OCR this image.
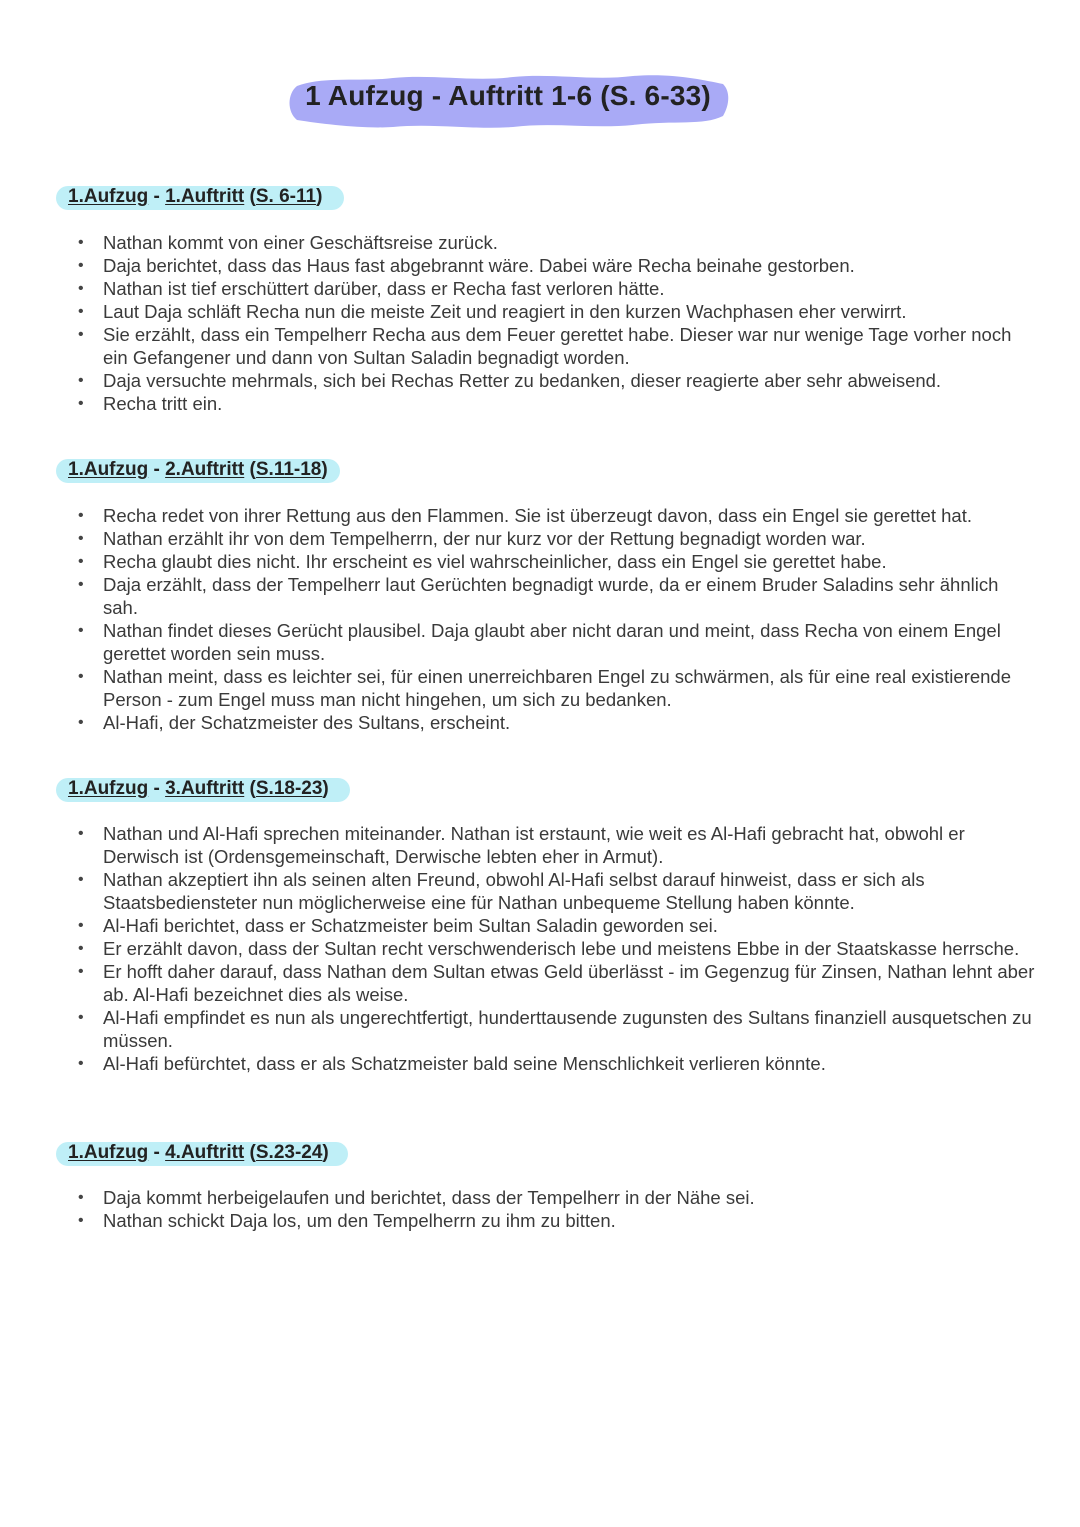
1 Aufzug - Auftritt 1-6 (S. 6-33)
1.Aufzug - 1.Auftritt (S. 6-11)
• Nathan kommt von einer Geschäftsreise zurück.
• Daja berichtet, dass das Haus fast abgebrannt wäre. Dabei wäre Recha beinahe gestorben.
• Nathan ist tief erschüttert darüber, dass er Recha fast verloren hätte.
• Laut Daja schläft Recha nun die meiste Zeit und reagiert in den kurzen Wachphasen eher verwirrt.
• Sie erzählt, dass ein Tempelherr Recha aus dem Feuer gerettet habe. Dieser war nur wenige Tage vorher noch ein Gefangener und dann von Sultan Saladin begnadigt worden.
• Daja versuchte mehrmals, sich bei Rechas Retter zu bedanken, dieser reagierte aber sehr abweisend.
• Recha tritt ein.
1.Aufzug - 2.Auftritt (S.11-18)
• Recha redet von ihrer Rettung aus den Flammen. Sie ist überzeugt davon, dass ein Engel sie gerettet hat.
• Nathan erzählt ihr von dem Tempelherrn, der nur kurz vor der Rettung begnadigt worden war.
• Recha glaubt dies nicht. Ihr erscheint es viel wahrscheinlicher, dass ein Engel sie gerettet habe.
• Daja erzählt, dass der Tempelherr laut Gerüchten begnadigt wurde, da er einem Bruder Saladins sehr ähnlich sah.
• Nathan findet dieses Gerücht plausibel. Daja glaubt aber nicht daran und meint, dass Recha von einem Engel gerettet worden sein muss.
• Nathan meint, dass es leichter sei, für einen unerreichbaren Engel zu schwärmen, als für eine real existierende Person - zum Engel muss man nicht hingehen, um sich zu bedanken.
• Al-Hafi, der Schatzmeister des Sultans, erscheint.
1.Aufzug - 3.Auftritt (S.18-23)
• Nathan und Al-Hafi sprechen miteinander. Nathan ist erstaunt, wie weit es Al-Hafi gebracht hat, obwohl er Derwisch ist (Ordensgemeinschaft, Derwische lebten eher in Armut).
• Nathan akzeptiert ihn als seinen alten Freund, obwohl Al-Hafi selbst darauf hinweist, dass er sich als Staatsbediensteter nun möglicherweise eine für Nathan unbequeme Stellung haben könnte.
• Al-Hafi berichtet, dass er Schatzmeister beim Sultan Saladin geworden sei.
• Er erzählt davon, dass der Sultan recht verschwenderisch lebe und meistens Ebbe in der Staatskasse herrsche.
• Er hofft daher darauf, dass Nathan dem Sultan etwas Geld überlässt - im Gegenzug für Zinsen, Nathan lehnt aber ab. Al-Hafi bezeichnet dies als weise.
• Al-Hafi empfindet es nun als ungerechtfertigt, hunderttausende zugunsten des Sultans finanziell ausquetschen zu müssen.
• Al-Hafi befürchtet, dass er als Schatzmeister bald seine Menschlichkeit verlieren könnte.
1.Aufzug - 4.Auftritt (S.23-24)
• Daja kommt herbeigelaufen und berichtet, dass der Tempelherr in der Nähe sei.
• Nathan schickt Daja los, um den Tempelherrn zu ihm zu bitten.
